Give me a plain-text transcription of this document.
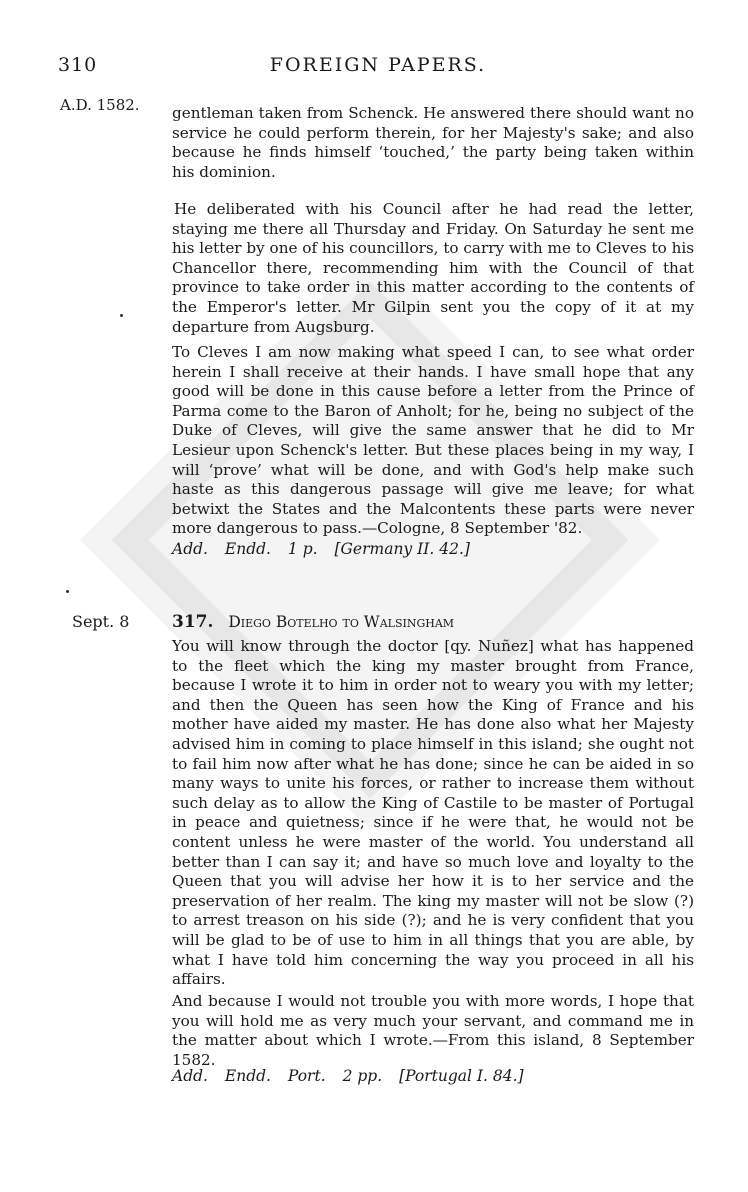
310	FOREIGN PAPERS.
A.D. 1582. gentleman taken from Schenck. He answered there should want no service he could perform therein, for her Majesty's sake; and also because he finds himself ‘touched,’ the party being taken within his dominion.

He deliberated with his Council after he had read the letter, staying me there all Thursday and Friday. On Saturday he sent me his letter by one of his councillors, to carry with me to Cleves to his Chancellor there, recommending him with the Council of that province to take order in this matter according to the contents of the Emperor's letter. Mr Gilpin sent you the copy of it at my departure from Augsburg.

To Cleves I am now making what speed I can, to see what order herein I shall receive at their hands. I have small hope that any good will be done in this cause before a letter from the Prince of Parma come to the Baron of Anholt; for he, being no subject of the Duke of Cleves, will give the same answer that he did to Mr Lesieur upon Schenck's letter. But these places being in my way, I will ‘prove’ what will be done, and with God's help make such haste as this dangerous passage will give me leave; for what betwixt the States and the Malcontents these parts were never more dangerous to pass.—Cologne, 8 September '82.

Add. Endd. 1 p. [Germany II. 42.]
Sept. 8	317. Diego Botelho to Walsingham

You will know through the doctor [qy. Nuñez] what has happened to the fleet which the king my master brought from France, because I wrote it to him in order not to weary you with my letter; and then the Queen has seen how the King of France and his mother have aided my master. He has done also what her Majesty advised him in coming to place himself in this island; she ought not to fail him now after what he has done; since he can be aided in so many ways to unite his forces, or rather to increase them without such delay as to allow the King of Castile to be master of Portugal in peace and quietness; since if he were that, he would not be content unless he were master of the world. You understand all better than I can say it; and have so much love and loyalty to the Queen that you will advise her how it is to her service and the preservation of her realm. The king my master will not be slow (?) to arrest treason on his side (?); and he is very confident that you will be glad to be of use to him in all things that you are able, by what I have told him concerning the way you proceed in all his affairs.

And because I would not trouble you with more words, I hope that you will hold me as very much your servant, and command me in the matter about which I wrote.—From this island, 8 September 1582.

Add. Endd. Port. 2 pp. [Portugal I. 84.]
